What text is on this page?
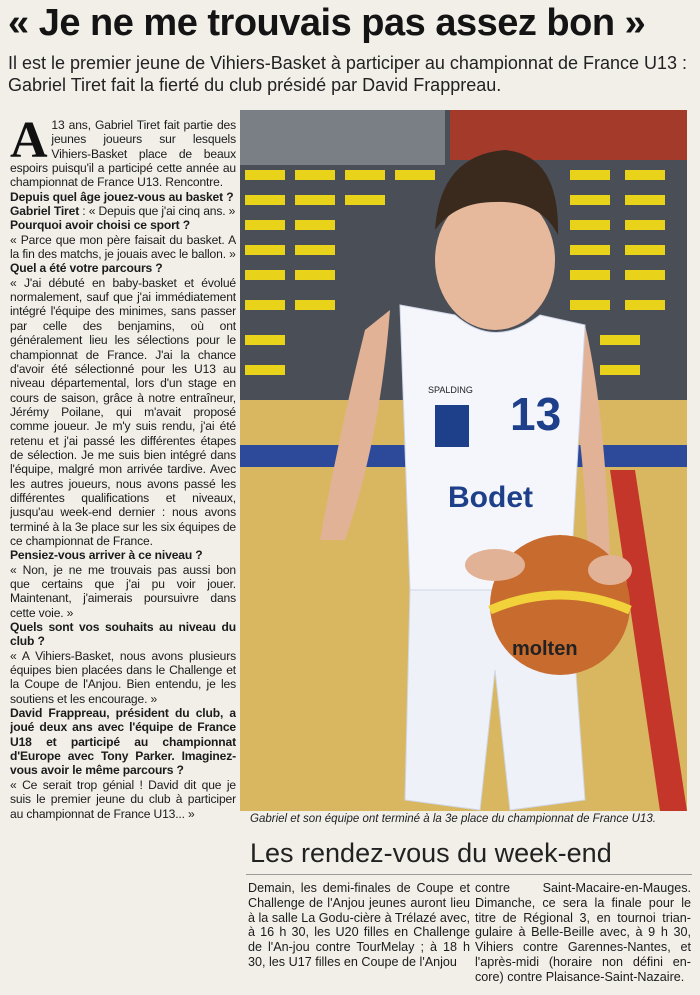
« Je ne me trouvais pas assez bon »
Il est le premier jeune de Vihiers-Basket à participer au championnat de France U13 : Gabriel Tiret fait la fierté du club présidé par David Frappreau.

A 13 ans, Gabriel Tiret fait partie des jeunes joueurs sur lesquels Vihiers-Basket place de beaux espoirs puisqu'il a participé cette année au championnat de France U13. Rencontre.

Depuis quel âge jouez-vous au basket ?

Gabriel Tiret : « Depuis que j'ai cinq ans. »

Pourquoi avoir choisi ce sport ?

« Parce que mon père faisait du basket. A la fin des matchs, je jouais avec le ballon. »

Quel a été votre parcours ?

« J'ai débuté en baby-basket et évolué normalement, sauf que j'ai immédiatement intégré l'équipe des minimes, sans passer par celle des benjamins, où ont généralement lieu les sélections pour le championnat de France. J'ai la chance d'avoir été sélectionné pour les U13 au niveau départemental, lors d'un stage en cours de saison, grâce à notre entraîneur, Jérémy Poilane, qui m'avait proposé comme joueur. Je m'y suis rendu, j'ai été retenu et j'ai passé les différentes étapes de sélection. Je me suis bien intégré dans l'équipe, malgré mon arrivée tardive. Avec les autres joueurs, nous avons passé les différentes qualifications et niveaux, jusqu'au week-end dernier : nous avons terminé à la 3e place sur les six équipes de ce championnat de France.

Pensiez-vous arriver à ce niveau ?

« Non, je ne me trouvais pas aussi bon que certains que j'ai pu voir jouer. Maintenant, j'aimerais poursuivre dans cette voie. »

Quels sont vos souhaits au niveau du club ?

« A Vihiers-Basket, nous avons plusieurs équipes bien placées dans le Challenge et la Coupe de l'Anjou. Bien entendu, je les soutiens et les encourage. »

David Frappreau, président du club, a joué deux ans avec l'équipe de France U18 et participé au championnat d'Europe avec Tony Parker. Imaginez-vous avoir le même parcours ?

« Ce serait trop génial ! David dit que je suis le premier jeune du club à participer au championnat de France U13... »

13
SPALDING
Bodet
molten
Gabriel et son équipe ont terminé à la 3e place du championnat de France U13.
Les rendez-vous du week-end

Demain, les demi-finales de Coupe et Challenge de l'Anjou jeunes auront lieu à la salle La Godu-cière à Trélazé avec, à 16 h 30, les U20 filles en Challenge de l'An-jou contre TourMelay ; à 18 h 30, les U17 filles en Coupe de l'Anjou

contre Saint-Macaire-en-Mauges. Dimanche, ce sera la finale pour le titre de Régional 3, en tournoi trian-gulaire à Belle-Beille avec, à 9 h 30, Vihiers contre Garennes-Nantes, et l'après-midi (horaire non défini en-core) contre Plaisance-Saint-Nazaire.
